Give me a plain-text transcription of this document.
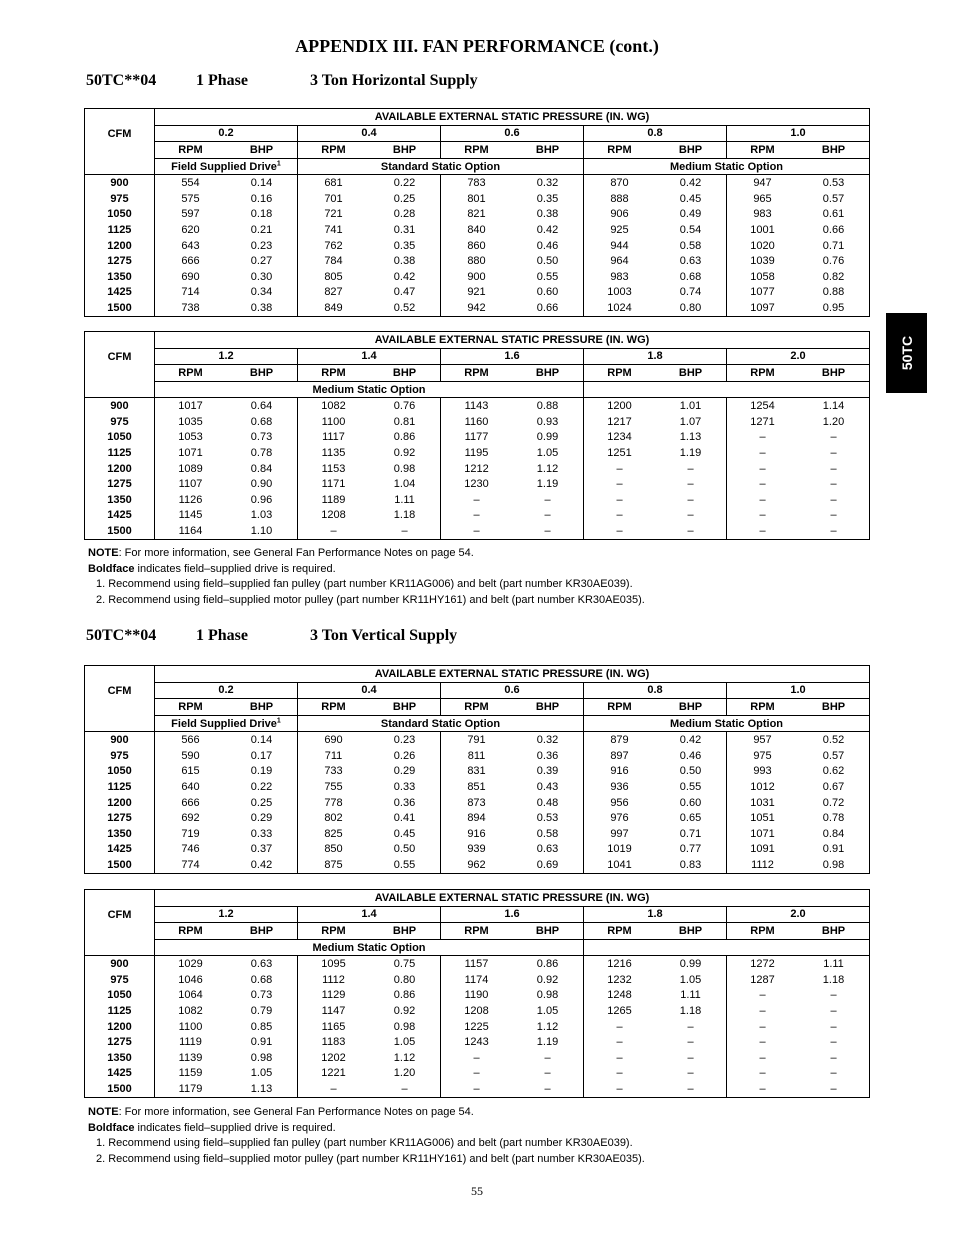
APPENDIX III. FAN PERFORMANCE (cont.)
50TC
50TC**04 1 Phase	3 Ton Horizontal Supply
CFM	AVAILABLE EXTERNAL STATIC PRESSURE (IN. WG)									
	0.2		0.4		0.6		0.8		1.0	
	RPM	BHP	RPM	BHP	RPM	BHP	RPM	BHP	RPM	BHP
	Field Supplied Drive$^1$		Standard Static Option				Medium Static Option			
900	554	0.14	681	0.22	783	0.32	870	0.42	947	0.53
975	575	0.16	701	0.25	801	0.35	888	0.45	965	0.57
1050	597	0.18	721	0.28	821	0.38	906	0.49	983	0.61
1125	620	0.21	741	0.31	840	0.42	925	0.54	1001	0.66
1200	643	0.23	762	0.35	860	0.46	944	0.58	1020	0.71
1275	666	0.27	784	0.38	880	0.50	964	0.63	1039	0.76
1350	690	0.30	805	0.42	900	0.55	983	0.68	1058	0.82
1425	714	0.34	827	0.47	921	0.60	1003	0.74	1077	0.88
1500	738	0.38	849	0.52	942	0.66	1024	0.80	1097	0.95
CFM	AVAILABLE EXTERNAL STATIC PRESSURE (IN. WG)									
	1.2		1.4		1.6		1.8		2.0	
	RPM	BHP	RPM	BHP	RPM	BHP	RPM	BHP	RPM	BHP
	Medium Static Option									
900	1017	0.64	1082	0.76	1143	0.88	1200	1.01	1254	1.14
975	1035	0.68	1100	0.81	1160	0.93	1217	1.07	1271	1.20
1050	1053	0.73	1117	0.86	1177	0.99	1234	1.13	–	–
1125	1071	0.78	1135	0.92	1195	1.05	1251	1.19	–	–
1200	1089	0.84	1153	0.98	1212	1.12	–	–	–	–
1275	1107	0.90	1171	1.04	1230	1.19	–	–	–	–
1350	1126	0.96	1189	1.11	–	–	–	–	–	–
1425	1145	1.03	1208	1.18	–	–	–	–	–	–
1500	1164	1.10	–	–	–	–	–	–	–	–
NOTE: For more information, see General Fan Performance Notes on page 54.
Boldface indicates field–supplied drive is required.
1. Recommend using field–supplied fan pulley (part number KR11AG006) and belt (part number KR30AE039).
2. Recommend using field–supplied motor pulley (part number KR11HY161) and belt (part number KR30AE035).
50TC**04 1 Phase	3 Ton Vertical Supply
CFM	AVAILABLE EXTERNAL STATIC PRESSURE (IN. WG)									
	0.2		0.4		0.6		0.8		1.0	
	RPM	BHP	RPM	BHP	RPM	BHP	RPM	BHP	RPM	BHP
	Field Supplied Drive$^1$		Standard Static Option				Medium Static Option			
900	566	0.14	690	0.23	791	0.32	879	0.42	957	0.52
975	590	0.17	711	0.26	811	0.36	897	0.46	975	0.57
1050	615	0.19	733	0.29	831	0.39	916	0.50	993	0.62
1125	640	0.22	755	0.33	851	0.43	936	0.55	1012	0.67
1200	666	0.25	778	0.36	873	0.48	956	0.60	1031	0.72
1275	692	0.29	802	0.41	894	0.53	976	0.65	1051	0.78
1350	719	0.33	825	0.45	916	0.58	997	0.71	1071	0.84
1425	746	0.37	850	0.50	939	0.63	1019	0.77	1091	0.91
1500	774	0.42	875	0.55	962	0.69	1041	0.83	1112	0.98
CFM	AVAILABLE EXTERNAL STATIC PRESSURE (IN. WG)									
	1.2		1.4		1.6		1.8		2.0	
	RPM	BHP	RPM	BHP	RPM	BHP	RPM	BHP	RPM	BHP
	Medium Static Option									
900	1029	0.63	1095	0.75	1157	0.86	1216	0.99	1272	1.11
975	1046	0.68	1112	0.80	1174	0.92	1232	1.05	1287	1.18
1050	1064	0.73	1129	0.86	1190	0.98	1248	1.11	–	–
1125	1082	0.79	1147	0.92	1208	1.05	1265	1.18	–	–
1200	1100	0.85	1165	0.98	1225	1.12	–	–	–	–
1275	1119	0.91	1183	1.05	1243	1.19	–	–	–	–
1350	1139	0.98	1202	1.12	–	–	–	–	–	–
1425	1159	1.05	1221	1.20	–	–	–	–	–	–
1500	1179	1.13	–	–	–	–	–	–	–	–
NOTE: For more information, see General Fan Performance Notes on page 54.
Boldface indicates field–supplied drive is required.
1. Recommend using field–supplied fan pulley (part number KR11AG006) and belt (part number KR30AE039).
2. Recommend using field–supplied motor pulley (part number KR11HY161) and belt (part number KR30AE035).
55
